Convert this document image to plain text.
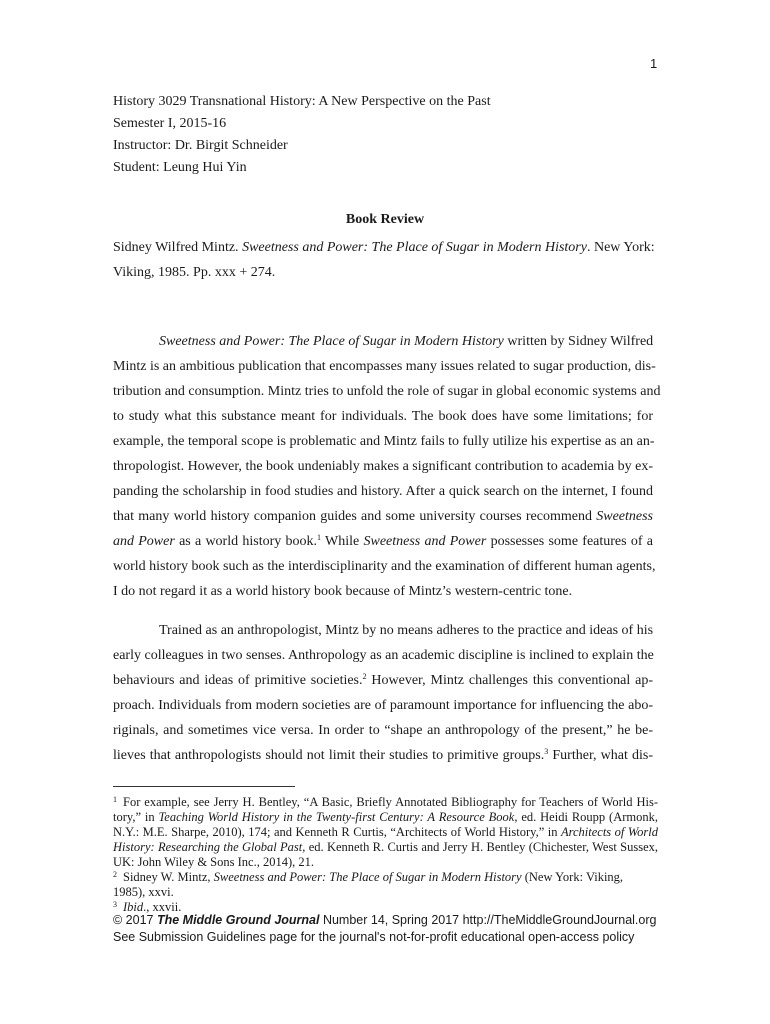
1
History 3029 Transnational History: A New Perspective on the Past
Semester I, 2015-16
Instructor: Dr. Birgit Schneider
Student: Leung Hui Yin
Book Review
Sidney Wilfred Mintz. Sweetness and Power: The Place of Sugar in Modern History. New York:
Viking, 1985. Pp. xxx + 274.
Sweetness and Power: The Place of Sugar in Modern History written by Sidney Wilfred
Mintz is an ambitious publication that encompasses many issues related to sugar production, dis-
tribution and consumption. Mintz tries to unfold the role of sugar in global economic systems and
to study what this substance meant for individuals. The book does have some limitations; for
example, the temporal scope is problematic and Mintz fails to fully utilize his expertise as an an-
thropologist. However, the book undeniably makes a significant contribution to academia by ex-
panding the scholarship in food studies and history. After a quick search on the internet, I found
that many world history companion guides and some university courses recommend Sweetness
and Power as a world history book.$^1$ While Sweetness and Power possesses some features of a
world history book such as the interdisciplinarity and the examination of different human agents,
I do not regard it as a world history book because of Mintz’s western-centric tone.
Trained as an anthropologist, Mintz by no means adheres to the practice and ideas of his
early colleagues in two senses. Anthropology as an academic discipline is inclined to explain the
behaviours and ideas of primitive societies.$^2$ However, Mintz challenges this conventional ap-
proach. Individuals from modern societies are of paramount importance for influencing the abo-
riginals, and sometimes vice versa. In order to “shape an anthropology of the present,” he be-
lieves that anthropologists should not limit their studies to primitive groups.$^3$ Further, what dis-
$^1$ For example, see Jerry H. Bentley, “A Basic, Briefly Annotated Bibliography for Teachers of World His-
tory,” in Teaching World History in the Twenty-first Century: A Resource Book, ed. Heidi Roupp (Armonk,
N.Y.: M.E. Sharpe, 2010), 174; and Kenneth R Curtis, “Architects of World History,” in Architects of World
History: Researching the Global Past, ed. Kenneth R. Curtis and Jerry H. Bentley (Chichester, West Sussex,
UK: John Wiley & Sons Inc., 2014), 21.
$^2$ Sidney W. Mintz, Sweetness and Power: The Place of Sugar in Modern History (New York: Viking,
1985), xxvi.
$^3$ Ibid., xxvii.
© 2017 The Middle Ground Journal Number 14, Spring 2017 http://TheMiddleGroundJournal.org
See Submission Guidelines page for the journal's not-for-profit educational open-access policy
